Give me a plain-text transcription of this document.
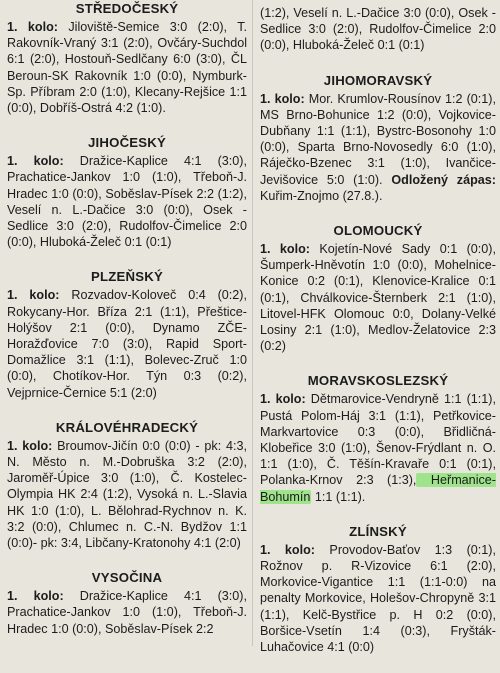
STŘEDOČESKÝ

1. kolo: Jiloviště-Semice 3:0 (2:0), T. Rakovník-Vraný 3:1 (2:0), Ovčáry-Suchdol 6:1 (2:0), Hostouň-Sedlčany 6:0 (3:0), ČL Beroun-SK Rakovník 1:0 (0:0), Nymburk-Sp. Příbram 2:0 (1:0), Klecany-Rejšice 1:1 (0:0), Dobříš-Ostrá 4:2 (1:0).

JIHOČESKÝ

1. kolo: Dražice-Kaplice 4:1 (3:0), Prachatice-Jankov 1:0 (1:0), Třeboň-J. Hradec 1:0 (0:0), Soběslav-Písek 2:2 (1:2), Veselí n. L.-Dačice 3:0 (0:0), Osek -Sedlice 3:0 (2:0), Rudolfov-Čimelice 2:0 (0:0), Hluboká-Želeč 0:1 (0:1)

PLZEŇSKÝ

1. kolo: Rozvadov-Koloveč 0:4 (0:2), Rokycany-Hor. Bříza 2:1 (1:1), Přeštice-Holýšov 2:1 (0:0), Dynamo ZČE-Horažďovice 7:0 (3:0), Rapid Sport-Domažlice 3:1 (1:1), Bolevec-Zruč 1:0 (0:0), Chotíkov-Hor. Týn 0:3 (0:2), Vejprnice-Černice 5:1 (2:0)

KRÁLOVÉHRADECKÝ

1. kolo: Broumov-Jičín 0:0 (0:0) - pk: 4:3, N. Město n. M.-Dobruška 3:2 (2:0), Jaroměř-Úpice 3:0 (1:0), Č. Kostelec-Olympia HK 2:4 (1:2), Vysoká n. L.-Slavia HK 1:0 (1:0), L. Bělohrad-Rychnov n. K. 3:2 (0:0), Chlumec n. C.-N. Bydžov 1:1 (0:0)- pk: 3:4, Libčany-Kratonohy 4:1 (2:0)

VYSOČINA

1. kolo: Dražice-Kaplice 4:1 (3:0), Prachatice-Jankov 1:0 (1:0), Třeboň-J. Hradec 1:0 (0:0), Soběslav-Písek 2:2

(1:2), Veselí n. L.-Dačice 3:0 (0:0), Osek -Sedlice 3:0 (2:0), Rudolfov-Čimelice 2:0 (0:0), Hluboká-Želeč 0:1 (0:1)

JIHOMORAVSKÝ

1. kolo: Mor. Krumlov-Rousínov 1:2 (0:1), MS Brno-Bohunice 1:2 (0:0), Vojkovice-Dubňany 1:1 (1:1), Bystrc-Bosonohy 1:0 (0:0), Sparta Brno-Novosedly 6:0 (1:0), Ráječko-Bzenec 3:1 (1:0), Ivančice-Jevišovice 5:0 (1:0). Odložený zápas: Kuřim-Znojmo (27.8.).

OLOMOUCKÝ

1. kolo: Kojetín-Nové Sady 0:1 (0:0), Šumperk-Hněvotín 1:0 (0:0), Mohelnice-Konice 0:2 (0:1), Klenovice-Kralice 0:1 (0:1), Chválkovice-Šternberk 2:1 (1:0), Litovel-HFK Olomouc 0:0, Dolany-Velké Losiny 2:1 (1:0), Medlov-Želatovice 2:3 (0:2)

MORAVSKOSLEZSKÝ

1. kolo: Dětmarovice-Vendryně 1:1 (1:1), Pustá Polom-Háj 3:1 (1:1), Petřkovice-Markvartovice 0:3 (0:0), Břidličná-Klobeřice 3:0 (1:0), Šenov-Frýdlant n. O. 1:1 (1:0), Č. Těšín-Kravaře 0:1 (0:1), Polanka-Krnov 2:3 (1:3), Heřmanice-Bohumín 1:1 (1:1).

ZLÍNSKÝ

1. kolo: Provodov-Baťov 1:3 (0:1), Rožnov p. R-Vizovice 6:1 (2:0), Morkovice-Vigantice 1:1 (1:1-0:0) na penalty Morkovice, Holešov-Chropyně 3:1 (1:1), Kelč-Bystřice p. H 0:2 (0:0), Boršice-Vsetín 1:4 (0:3), Fryšták-Luhačovice 4:1 (0:0)
